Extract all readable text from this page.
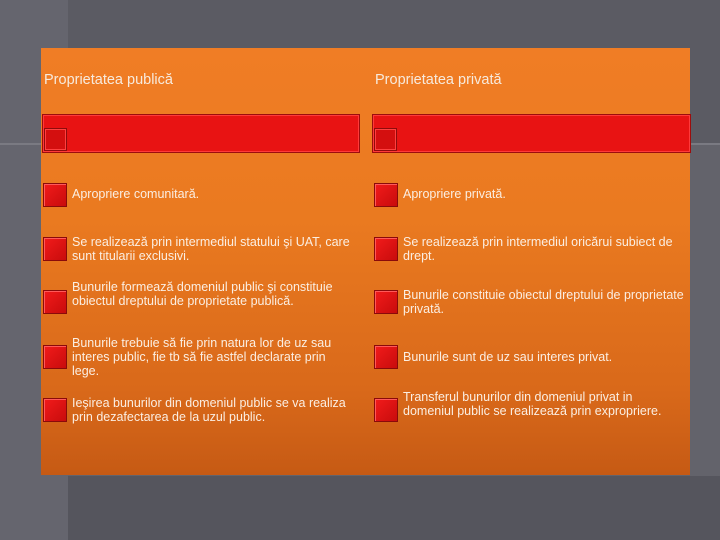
Proprietatea publică	Proprietatea privată
Apropriere comunitară.
Se realizează prin intermediul statului şi UAT, care sunt titularii exclusivi.
Bunurile formează domeniul public şi constituie obiectul dreptului de proprietate publică.
Bunurile trebuie să fie prin natura lor de uz sau interes public, fie tb să fie astfel declarate prin lege.
Ieşirea bunurilor din domeniul public se va realiza prin dezafectarea de la uzul public.
Apropriere privată.
Se realizează prin intermediul oricărui subiect de drept.
Bunurile constituie obiectul dreptului de proprietate privată.
Bunurile sunt de uz sau interes privat.
Transferul bunurilor din domeniul privat in domeniul public se realizează prin expropriere.
